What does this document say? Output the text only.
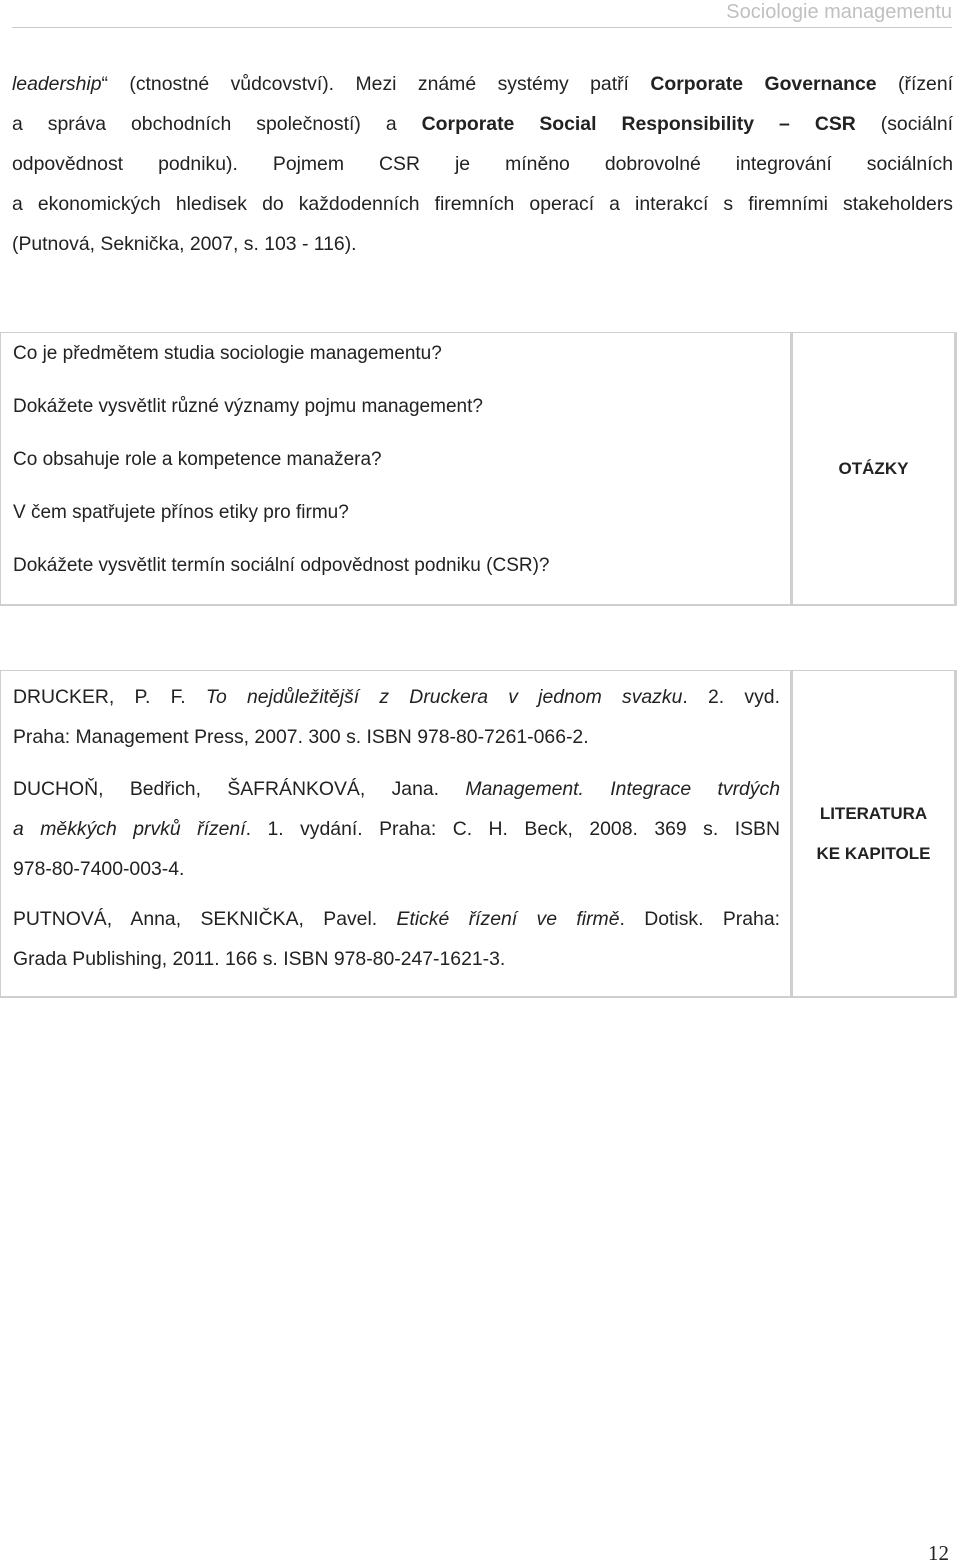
Sociologie managementu
leadership“ (ctnostné vůdcovství). Mezi známé systémy patří Corporate Governance (řízení
a správa obchodních společností) a Corporate Social Responsibility – CSR (sociální
odpovědnost podniku). Pojmem CSR je míněno dobrovolné integrování sociálních
a ekonomických hledisek do každodenních firemních operací a interakcí s firemními stakeholders
(Putnová, Seknička, 2007, s. 103 - 116).
Co je předmětem studia sociologie managementu?
Dokážete vysvětlit různé významy pojmu management?
Co obsahuje role a kompetence manažera?
V čem spatřujete přínos etiky pro firmu?
Dokážete vysvětlit termín sociální odpovědnost podniku (CSR)?
OTÁZKY
DRUCKER, P. F. To nejdůležitější z Druckera v jednom svazku. 2. vyd.
Praha: Management Press, 2007. 300 s. ISBN 978-80-7261-066-2.
DUCHOŇ, Bedřich, ŠAFRÁNKOVÁ, Jana. Management. Integrace tvrdých
a měkkých prvků řízení. 1. vydání. Praha: C. H. Beck, 2008. 369 s. ISBN
978-80-7400-003-4.
PUTNOVÁ, Anna, SEKNIČKA, Pavel. Etické řízení ve firmě. Dotisk. Praha:
Grada Publishing, 2011. 166 s. ISBN 978-80-247-1621-3.
LITERATURA
KE KAPITOLE
12
